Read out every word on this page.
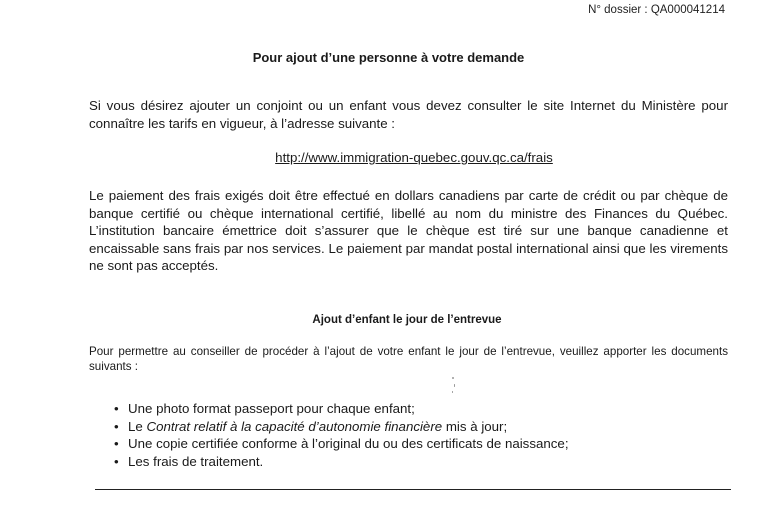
N° dossier : QA000041214
Pour ajout d’une personne à votre demande
Si vous désirez ajouter un conjoint ou un enfant vous devez consulter le site Internet du Ministère pour connaître les tarifs en vigueur, à l’adresse suivante :
http://www.immigration-quebec.gouv.qc.ca/frais
Le paiement des frais exigés doit être effectué en dollars canadiens par carte de crédit ou par chèque de banque certifié ou chèque international certifié, libellé au nom du ministre des Finances du Québec. L’institution bancaire émettrice doit s’assurer que le chèque est tiré sur une banque canadienne et encaissable sans frais par nos services. Le paiement par mandat postal international ainsi que les virements ne sont pas acceptés.
Ajout d’enfant le jour de l’entrevue
Pour permettre au conseiller de procéder à l’ajout de votre enfant le jour de l’entrevue, veuillez apporter les documents suivants :
• Une photo format passeport pour chaque enfant;
• Le Contrat relatif à la capacité d’autonomie financière mis à jour;
• Une copie certifiée conforme à l’original du ou des certificats de naissance;
• Les frais de traitement.
